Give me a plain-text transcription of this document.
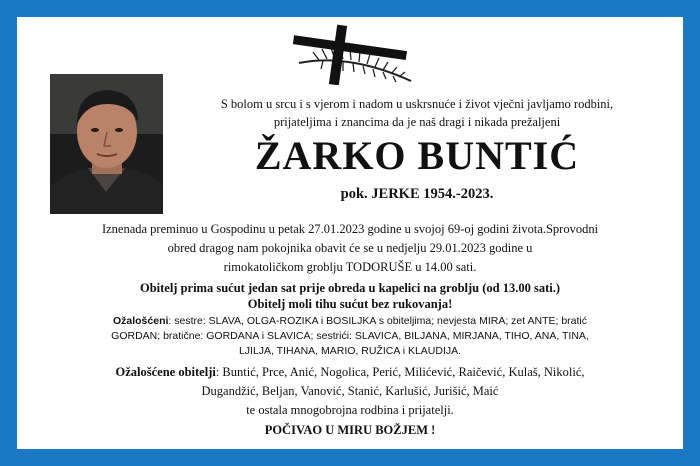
S bolom u srcu i s vjerom i nadom u uskrsnuće i život vječni javljamo rodbini,
prijateljima i znancima da je naš dragi i nikada prežaljeni

ŽARKO BUNTIĆ

pok. JERKE 1954.-2023.

Iznenada preminuo u Gospodinu u petak 27.01.2023 godine u svojoj 69-oj godini života.Sprovodni
obred dragog nam pokojnika obavit će se u nedjelju 29.01.2023 godine u
rimokatoličkom groblju TODORUŠE u 14.00 sati.

Obitelj prima sućut jedan sat prije obreda u kapelici na groblju (od 13.00 sati.)

Obitelj moli tihu sućut bez rukovanja!

Ožalošćeni: sestre: SLAVA, OLGA-ROZIKA i BOSILJKA s obiteljima; nevjesta MIRA; zet ANTE; bratić
GORDAN; bratične: GORDANA i SLAVICA; sestrići: SLAVICA, BILJANA, MIRJANA, TIHO, ANA, TINA,
LJILJA, TIHANA, MARIO, RUŽICA i KLAUDIJA.

Ožalošćene obitelji: Buntić, Prce, Anić, Nogolica, Perić, Milićević, Raičević, Kulaš, Nikolić,
Dugandžić, Beljan, Vanović, Stanić, Karlušić, Jurišić, Maić

te ostala mnogobrojna rodbina i prijatelji.

POČIVAO U MIRU BOŽJEM !
